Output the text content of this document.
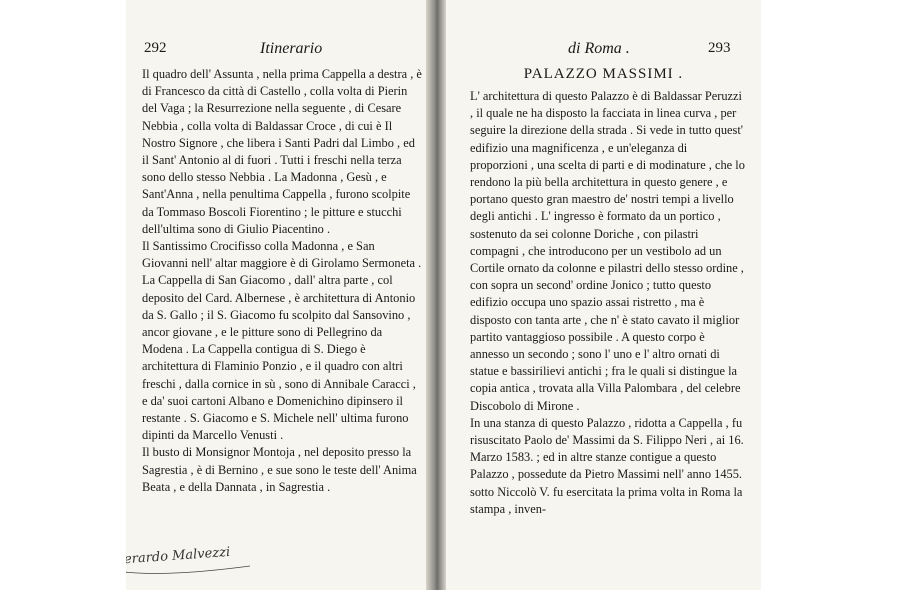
292	Itinerario

Il quadro dell' Assunta , nella prima Cappella a destra , è di Francesco da città di Castello , colla volta di Pierin del Vaga ; la Resurrezione nella seguente , di Cesare Nebbia , colla volta di Baldassar Croce , di cui è Il Nostro Signore , che libera i Santi Padri dal Limbo , ed il Sant' Antonio al di fuori . Tutti i freschi nella terza sono dello stesso Nebbia . La Madonna , Gesù , e Sant'Anna , nella penultima Cappella , furono scolpite da Tommaso Boscoli Fiorentino ; le pitture e stucchi dell'ultima sono di Giulio Piacentino .

Il Santissimo Crocifisso colla Madonna , e San Giovanni nell' altar maggiore è di Girolamo Sermoneta . La Cappella di San Giacomo , dall' altra parte , col deposito del Card. Albernese , è architettura di Antonio da S. Gallo ; il S. Giacomo fu scolpito dal Sansovino , ancor giovane , e le pitture sono di Pellegrino da Modena . La Cappella contigua di S. Diego è architettura di Flaminio Ponzio , e il quadro con altri freschi , dalla cornice in sù , sono di Annibale Caracci , e da' suoi cartoni Albano e Domenichino dipinsero il restante . S. Giacomo e S. Michele nell' ultima furono dipinti da Marcello Venusti .

Il busto di Monsignor Montoja , nel deposito presso la Sagrestia , è di Bernino , e sue sono le teste dell' Anima Beata , e della Dannata , in Sagrestia .

Gerardo Malvezzi
di Roma .	293
PALAZZO MASSIMI .

L' architettura di questo Palazzo è di Baldassar Peruzzi , il quale ne ha disposto la facciata in linea curva , per seguire la direzione della strada . Si vede in tutto quest' edifizio una magnificenza , e un'eleganza di proporzioni , una scelta di parti e di modinature , che lo rendono la più bella architettura in questo genere , e portano questo gran maestro de' nostri tempi a livello degli antichi . L' ingresso è formato da un portico , sostenuto da sei colonne Doriche , con pilastri compagni , che introducono per un vestibolo ad un Cortile ornato da colonne e pilastri dello stesso ordine , con sopra un second' ordine Jonico ; tutto questo edifizio occupa uno spazio assai ristretto , ma è disposto con tanta arte , che n' è stato cavato il miglior partito vantaggioso possibile . A questo corpo è annesso un secondo ; sono l' uno e l' altro ornati di statue e bassirilievi antichi ; fra le quali si distingue la copia antica , trovata alla Villa Palombara , del celebre Discobolo di Mirone .

In una stanza di questo Palazzo , ridotta a Cappella , fu risuscitato Paolo de' Massimi da S. Filippo Neri , ai 16. Marzo 1583. ; ed in altre stanze contigue a questo Palazzo , possedute da Pietro Massimi nell' anno 1455. sotto Niccolò V. fu esercitata la prima volta in Roma la stampa , inven-
